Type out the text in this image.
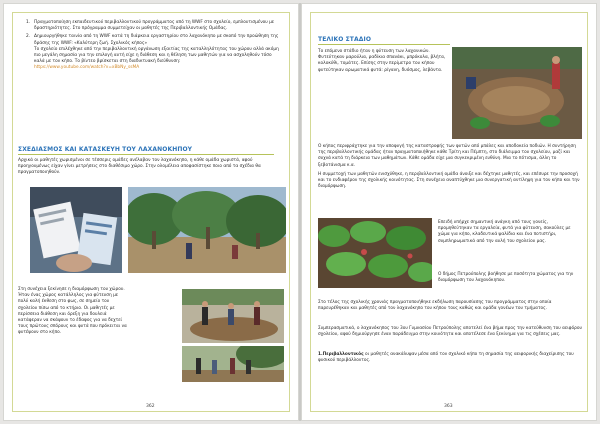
1. Πραγματοποίηση εκπαιδευτικού περιβαλλοντικού προγράμματος από τη WWF στο σχολείο, εμπλουτισμένου με δραστηριότητες. Στο πρόγραμμα συμμετείχαν οι μαθητές της Περιβαλλοντικής Ομάδας.

2. Δημιουργήθηκε ταινία από τη WWF κατά τη διάρκεια εργαστηρίου στο λαχανόκηπο με σκοπό την προώθηση της δράσης της WWF: «Καλύτερη ζωή. Σχολικός κήπος»

Το σχολείο επιλέχθηκε από την περιβαλλοντική οργάνωση εξαιτίας της καταλληλότητας του χώρου αλλά ακόμη πιο μεγάλη σημασία για την επιλογή αυτή είχε η διάθεση και η θέληση των μαθητών για να ασχοληθούν τόσο καλά με τον κήπο. Το βίντεο βρίσκεται στη διαδικτυακή διεύθυνση:

https://www.youtube.com/watch?v=xBbNy_ssMA

ΣΧΕΔΙΑΣΜΟΣ ΚΑΙ ΚΑΤΑΣΚΕΥΗ ΤΟΥ ΛΑΧΑΝΟΚΗΠΟΥ

Αρχικά οι μαθητές χωρισμένοι σε τέσσερις ομάδες ανέλαβαν τον λαχανόκηπο, η κάθε ομάδα χωριστά, αφού προηγουμένως είχαν γίνει μετρήσεις στο διαθέσιμο χώρο. Στην ολομέλεια αποφασίστηκε ποιο από τα σχέδια θα πραγματοποιηθούν.

Στη συνέχεια ξεκίνησε η διαμόρφωση του χώρου. Ήταν ένας χώρος κατάλληλος για φύτευση με πολύ καλή έκθεση στο φως, σε σημείο του σχολείου πίσω από το κτήριο. Οι μαθητές με περίσσεια διάθεση και όρεξη για δουλειά κατάφεραν να σκάψουν το έδαφος για να δεχτεί τους πρώτους σπόρους και φυτά που πρόκειται να φυτέψουν στο κήπο.

362
ΤΕΛΙΚΟ ΣΤΑΔΙΟ

Το επόμενο στάδιο ήταν η φύτευση των λαχανικών. Φυτεύτηκαν μαρούλια, ραδίκια σπανάκι, μπρόκολα, βλήτα, κολοκύθι, τομάτες. Επίσης στην περίμετρο του κήπου φυτεύτηκαν αρωματικά φυτά: ρίγανη, δυόσμος, λεβάντα.

Ο κήπος περιφράχτηκε για την αποφυγή της καταστροφής των φυτών από μπάλες και αποδοκεία ποδιών. Η συντήρηση της περιβαλλοντικής ομάδας ήταν πραγματοποιήθηκε κάθε Τρίτη και Πέμπτη, στο διάλειμμα του σχολείου, μαζί και συχνά κατά τη διάρκεια των μαθημάτων. Κάθε ομάδα είχε μια συγκεκριμένη ευθύνη. Μια το πότισμα, άλλη το ξεβοτάνισμα κ.α.

Η συμμετοχή των μαθητών ενισχύθηκε, η περιβαλλοντική ομάδα άνοιξε και δέχτηκε μαθητές, και επέσυρε την προσοχή και το ενδιαφέρον της σχολικής κοινότητας. Στη συνέχεια αναπτύχθηκε μια συνεργατική αντίληψη για τον κήπο και την διαμόρφωση.

Επειδή υπήρχε σημαντική ανάγκη από τους γονείς, προμηθεύτηκαν τα εργαλεία, φυτά για φύτευση, σακούλες με χώμα για κήπο, κλαδευτικά ψαλίδια και ένα ποτιστήρι, συμπληρωματικά από την αυλή του σχολείου μας.

Ο δήμος Πετρούπολης βοήθησε με ποσότητα χώματος για την διαμόρφωση του λαχανόκηπου.

Στο τέλος της σχολικής χρονιάς πραγματοποιήθηκε εκδήλωση παρουσίασης του προγράμματος στην οποία παρευρέθηκαν και μαθητές από τον λαχανόκηπο του κήπου τους καθώς και ομάδα γονέων του τμήματος.

Συμπερασματικά, ο λαχανόκηπος του 3ου Γυμνασίου Πετρούπολης αποτελεί ένα βήμα προς την κατεύθυνση του αειφόρου σχολείου, αφού δημιούργησε έναν παράδειγμα στην κοινότητα και αποτέλεσε ένα ξεκίνημα για τις σχέσεις μας.

1.Περιβαλλοντικός οι μαθητές ανακάλυψαν μέσα από τον σχολικό κήπο τη σημασία της αειφορικής διαχείρισης του φυσικού περιβάλλοντος.

363
